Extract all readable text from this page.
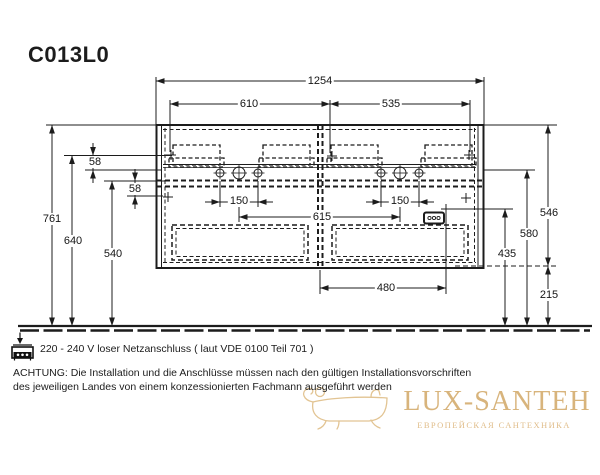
C013L0
1254
610	535
58
58
150	150
615
480
761
640
540
546
580
435
215
220 - 240 V loser Netzanschluss ( laut VDE 0100 Teil 701 )
ACHTUNG: Die Installation und die Anschlüsse müssen nach den gültigen Installationsvorschriften
des jeweiligen Landes von einem konzessionierten Fachmann ausgeführt werden LUX-SANTEH
ЕВРОПЕЙСКАЯ САНТЕХНИКА
